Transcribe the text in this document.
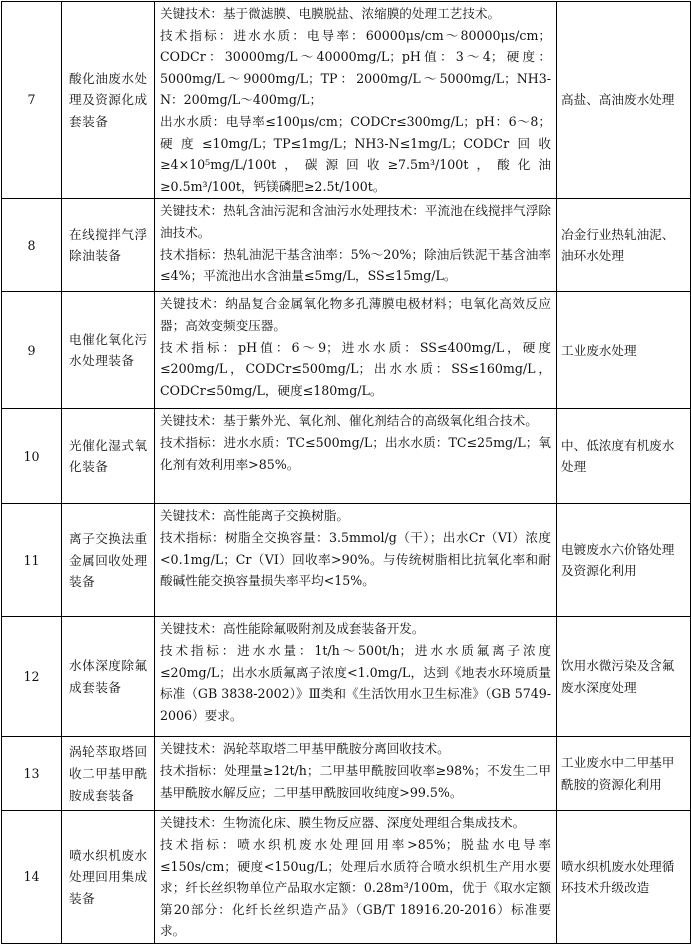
7	酸化油废水处理及资源化成套装备	关键技术：基于微滤膜、电膜脱盐、浓缩膜的处理工艺技术。
技术指标：进水水质：电导率：60000μs/cm～80000μs/cm；CODCr：30000mg/L～40000mg/L；pH值：3～4；硬度：5000mg/L～9000mg/L；TP：2000mg/L～5000mg/L；NH3-N：200mg/L～400mg/L；
出水水质：电导率≤100μs/cm；CODCr≤300mg/L；pH：6～8；硬度≤10mg/L；TP≤1mg/L；NH3-N≤1mg/L；CODCr回收≥4×10⁵mg/L/100t，碳源回收≥7.5m³/100t，酸化油≥0.5m³/100t，钙镁磷肥≥2.5t/100t。	高盐、高油废水处理
8	在线搅拌气浮除油装备	关键技术：热轧含油污泥和含油污水处理技术：平流池在线搅拌气浮除油技术。
技术指标：热轧油泥干基含油率：5%～20%；除油后铁泥干基含油率≤4%；平流池出水含油量≤5mg/L，SS≤15mg/L。	冶金行业热轧油泥、油环水处理
9	电催化氧化污水处理装备	关键技术：纳晶复合金属氧化物多孔薄膜电极材料；电氧化高效反应器；高效变频变压器。
技术指标：pH值：6～9；进水水质：SS≤400mg/L，硬度≤200mg/L，CODCr≤500mg/L；出水水质：SS≤160mg/L，CODCr≤50mg/L，硬度≤180mg/L。	工业废水处理
10	光催化湿式氧化装备	关键技术：基于紫外光、氧化剂、催化剂结合的高级氧化组合技术。
技术指标：进水水质：TC≤500mg/L；出水水质：TC≤25mg/L；氧化剂有效利用率>85%。	中、低浓度有机废水处理
11	离子交换法重金属回收处理装备	关键技术：高性能离子交换树脂。
技术指标：树脂全交换容量：3.5mmol/g（干）；出水Cr（VI）浓度<0.1mg/L；Cr（VI）回收率>90%。与传统树脂相比抗氧化率和耐酸碱性能交换容量损失率平均<15%。	电镀废水六价铬处理及资源化利用
12	水体深度除氟成套装备	关键技术：高性能除氟吸附剂及成套装备开发。
技术指标：进水水量：1t/h～500t/h；进水水质氟离子浓度≤20mg/L；出水水质氟离子浓度<1.0mg/L，达到《地表水环境质量标准（GB 3838-2002）》Ⅲ类和《生活饮用水卫生标准》（GB 5749-2006）要求。	饮用水微污染及含氟废水深度处理
13	涡轮萃取塔回收二甲基甲酰胺成套装备	关键技术：涡轮萃取塔二甲基甲酰胺分离回收技术。
技术指标：处理量≥12t/h；二甲基甲酰胺回收率≥98%；不发生二甲基甲酰胺水解反应；二甲基甲酰胺回收纯度>99.5%。	工业废水中二甲基甲酰胺的资源化利用
14	喷水织机废水处理回用集成装备	关键技术：生物流化床、膜生物反应器、深度处理组合集成技术。
技术指标：喷水织机废水处理回用率>85%；脱盐水电导率≤150s/cm；硬度<150ug/L；处理后水质符合喷水织机生产用水要求；纤长丝织物单位产品取水定额：0.28m³/100m，优于《取水定额第20部分：化纤长丝织造产品》（GB/T 18916.20-2016）标准要求。	喷水织机废水处理循环技术升级改造
